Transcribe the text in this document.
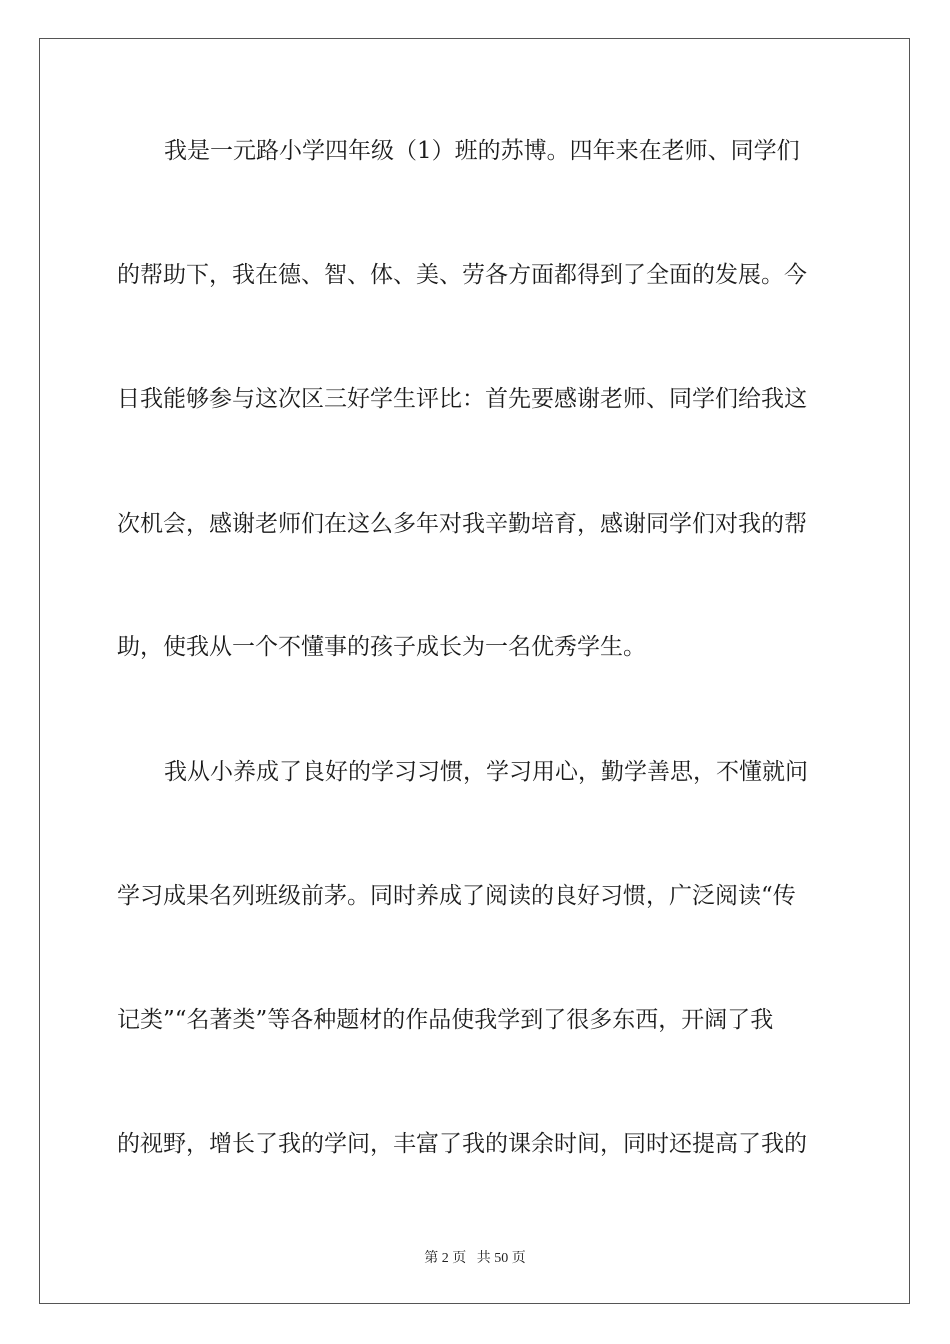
我是一元路小学四年级（1）班的苏博。四年来在老师、同学们
的帮助下，我在德、智、体、美、劳各方面都得到了全面的发展。今
日我能够参与这次区三好学生评比：首先要感谢老师、同学们给我这
次机会，感谢老师们在这么多年对我辛勤培育，感谢同学们对我的帮
助，使我从一个不懂事的孩子成长为一名优秀学生。
我从小养成了良好的学习习惯，学习用心，勤学善思，不懂就问
学习成果名列班级前茅。同时养成了阅读的良好习惯，广泛阅读“传
记类”“名著类”等各种题材的作品使我学到了很多东西，开阔了我
的视野，增长了我的学问，丰富了我的课余时间，同时还提高了我的
第 2 页 共 50 页
